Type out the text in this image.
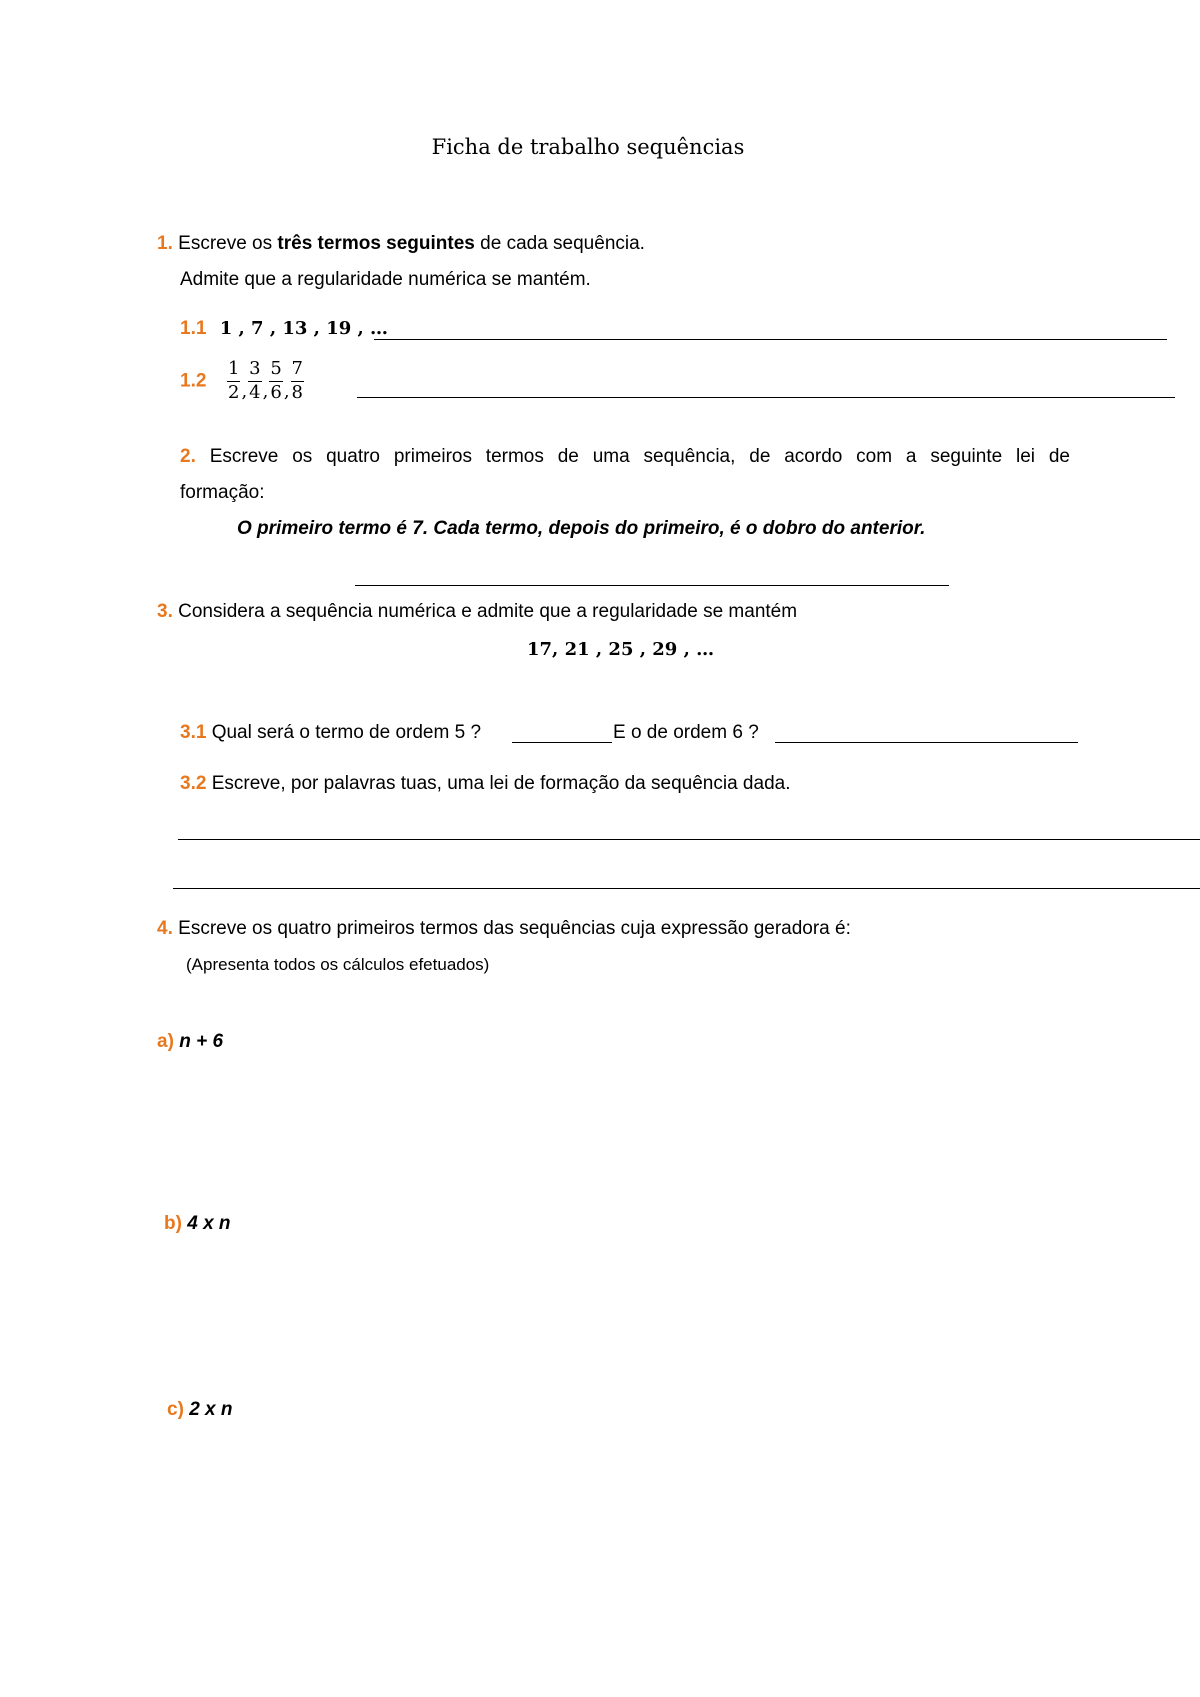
Ficha de trabalho sequências
1. Escreve os três termos seguintes de cada sequência.
Admite que a regularidade numérica se mantém.
1.1 1 , 7 , 13 , 19 , …
$1.2 \frac{1}{2}$ , $\frac{3}{4}$ , $\frac{5}{6}$ , $\frac{7}{8}$
2. Escreve os quatro primeiros termos de uma sequência, de acordo com a seguinte lei de
formação:
O primeiro termo é 7. Cada termo, depois do primeiro, é o dobro do anterior.
3. Considera a sequência numérica e admite que a regularidade se mantém
17, 21 , 25 , 29 , …
3.1 Qual será o termo de ordem 5 ?	E o de ordem 6 ?
3.2 Escreve, por palavras tuas, uma lei de formação da sequência dada.
4. Escreve os quatro primeiros termos das sequências cuja expressão geradora é:
(Apresenta todos os cálculos efetuados)
a) n + 6
b) 4 x n
c) 2 x n
